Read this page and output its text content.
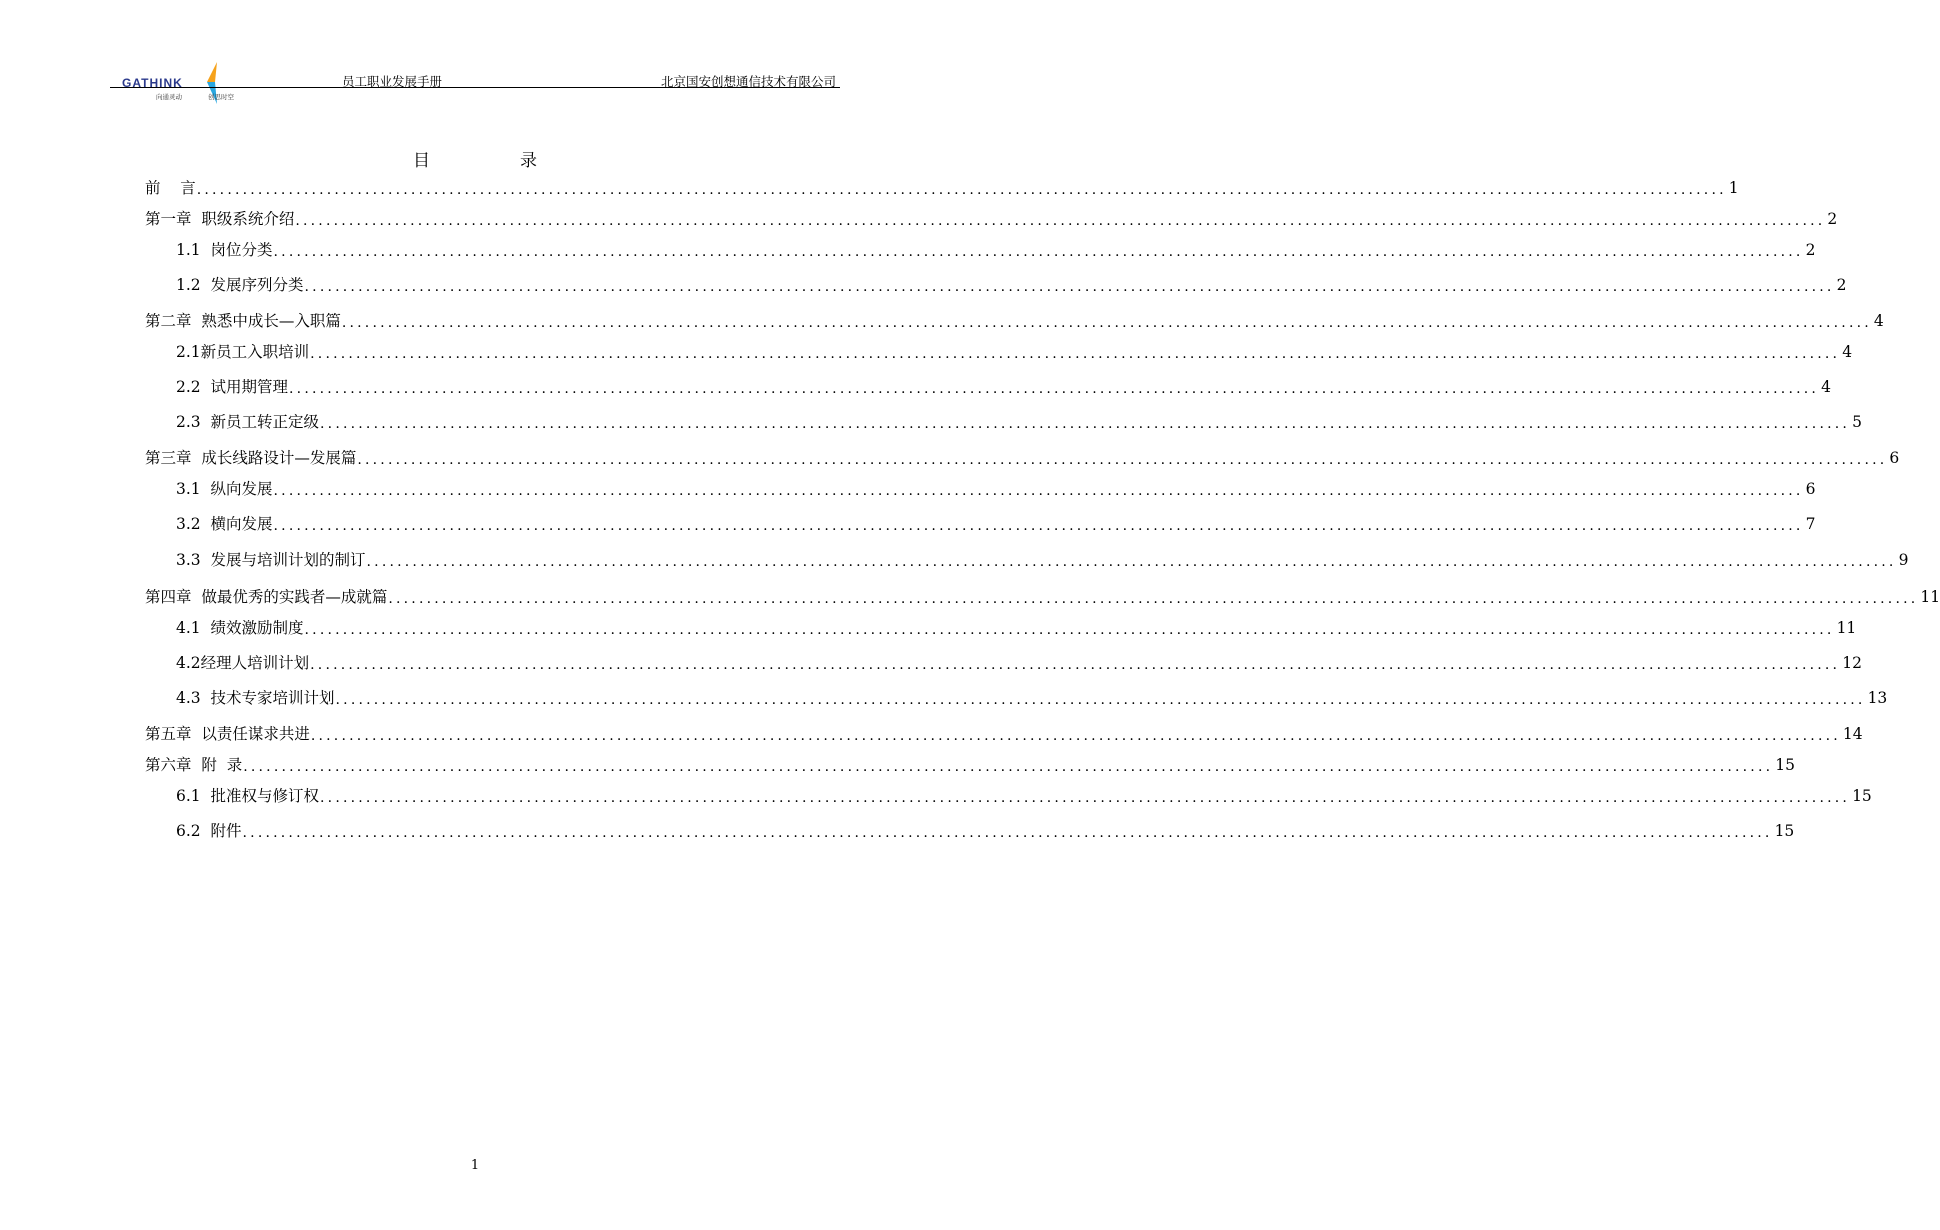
GATHINK
向通灵动	创思时空
员工职业发展手册	北京国安创想通信技术有限公司
目	录
前    言 ........................................................................................................................................................................................................ 1
第一章  职级系统介绍 ........................................................................................................................................................................................................ 2
1.1  岗位分类 ........................................................................................................................................................................................................ 2
1.2  发展序列分类 ........................................................................................................................................................................................................ 2
第二章  熟悉中成长—入职篇 ........................................................................................................................................................................................................ 4
2.1新员工入职培训 ........................................................................................................................................................................................................ 4
2.2  试用期管理 ........................................................................................................................................................................................................ 4
2.3  新员工转正定级 ........................................................................................................................................................................................................ 5
第三章  成长线路设计—发展篇 ........................................................................................................................................................................................................ 6
3.1  纵向发展 ........................................................................................................................................................................................................ 6
3.2  横向发展 ........................................................................................................................................................................................................ 7
3.3  发展与培训计划的制订 ........................................................................................................................................................................................................ 9
第四章  做最优秀的实践者—成就篇 ........................................................................................................................................................................................................ 11
4.1  绩效激励制度 ........................................................................................................................................................................................................ 11
4.2经理人培训计划 ........................................................................................................................................................................................................ 12
4.3  技术专家培训计划 ........................................................................................................................................................................................................ 13
第五章  以责任谋求共进 ........................................................................................................................................................................................................ 14
第六章  附  录 ........................................................................................................................................................................................................ 15
6.1  批准权与修订权 ........................................................................................................................................................................................................ 15
6.2  附件 ........................................................................................................................................................................................................ 15
1
